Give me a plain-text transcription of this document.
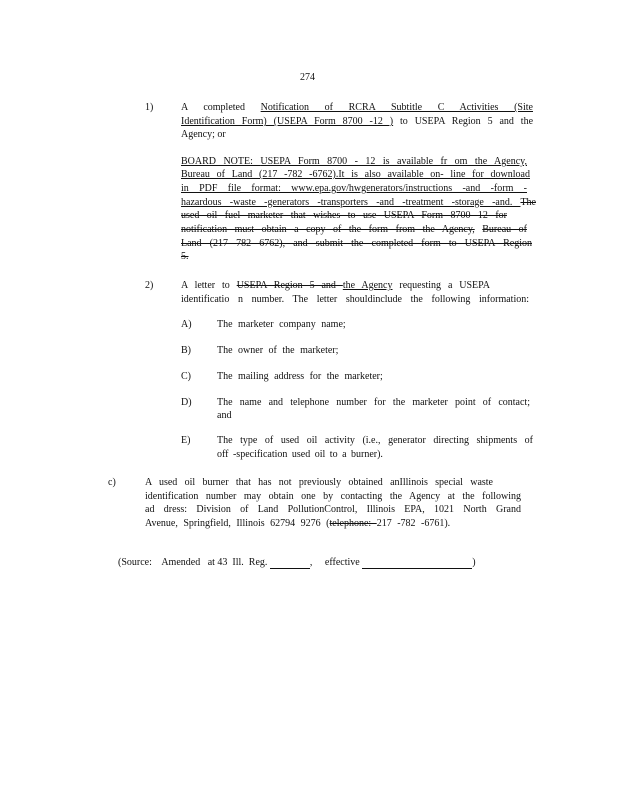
274
1)	A completed Notification of RCRA Subtitle C Activities (Site
Identification Form) (USEPA Form 8700 -12 ) to USEPA Region 5 and the
Agency; or
BOARD NOTE: USEPA Form 8700 - 12 is available fr om the Agency,
Bureau of Land (217 -782 -6762).It is also available on- line for download
in PDF file format: www.epa.gov/hwgenerators/instructions -and -form -
hazardous -waste -generators -transporters -and -treatment -storage -and. The
used oil fuel marketer that wishes to use USEPA Form 8700 12 for
notification must obtain a copy of the form from the Agency, Bureau of
Land (217 782 6762), and submit the completed form to USEPA Region
5.
2)	A letter to USEPA Region 5 and the Agency requesting a USEPA
identificatio n number. The letter shouldinclude the following information:
A)	The marketer company name;
B)	The owner of the marketer;
C)	The mailing address for the marketer;
D)	The name and telephone number for the marketer point of contact;
and
E)	The type of used oil activity (i.e., generator directing shipments of
off -specification used oil to a burner).
c)	A used oil burner that has not previously obtained anIllinois special waste
identification number may obtain one by contacting the Agency at the following
ad dress: Division of Land PollutionControl, Illinois EPA, 1021 North Grand
Avenue, Springfield, Illinois 62794 9276 (telephone: 217 -782 -6761).

(Source:    Amended   at 43  Ill.  Reg.	,     effective	)
